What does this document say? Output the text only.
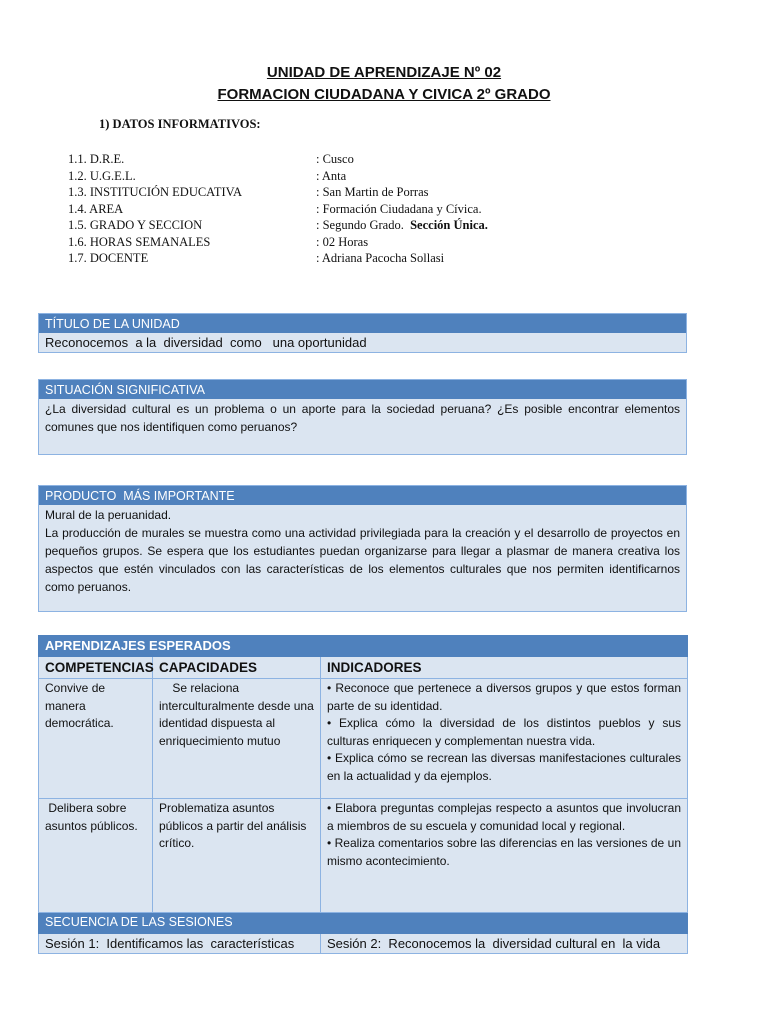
UNIDAD DE APRENDIZAJE Nº 02
FORMACION CIUDADANA Y CIVICA 2º GRADO
1) DATOS INFORMATIVOS:
1.1. D.R.E.	: Cusco
1.2. U.G.E.L.	: Anta
1.3. INSTITUCIÓN EDUCATIVA	: San Martin de Porras
1.4. AREA	: Formación Ciudadana y Cívica.
1.5. GRADO Y SECCION	: Segundo Grado.  Sección Única.
1.6. HORAS SEMANALES	: 02 Horas
1.7. DOCENTE	: Adriana Pacocha Sollasi
TÍTULO DE LA UNIDAD
Reconocemos  a la  diversidad  como   una oportunidad
SITUACIÓN SIGNIFICATIVA
¿La diversidad cultural es un problema o un aporte para la sociedad peruana? ¿Es posible encontrar elementos comunes que nos identifiquen como peruanos?
PRODUCTO  MÁS IMPORTANTE
Mural de la peruanidad.
La producción de murales se muestra como una actividad privilegiada para la creación y el desarrollo de proyectos en pequeños grupos. Se espera que los estudiantes puedan organizarse para llegar a plasmar de manera creativa los aspectos que estén vinculados con las características de los elementos culturales que nos permiten identificarnos como peruanos.
APRENDIZAJES ESPERADOS		
COMPETENCIAS	CAPACIDADES	INDICADORES
Convive de manera democrática.	Se relaciona interculturalmente desde una identidad dispuesta al enriquecimiento mutuo	• Reconoce que pertenece a diversos grupos y que estos forman parte de su identidad.

• Explica cómo la diversidad de los distintos pueblos y sus culturas enriquecen y complementan nuestra vida.

• Explica cómo se recrean las diversas manifestaciones culturales en la actualidad y da ejemplos.

Delibera sobre asuntos públicos.	Problematiza asuntos públicos a partir del análisis crítico.	• Elabora preguntas complejas respecto a asuntos que involucran a miembros de su escuela y comunidad local y regional.

• Realiza comentarios sobre las diferencias en las versiones de un mismo acontecimiento.

SECUENCIA DE LAS SESIONES		
Sesión 1:  Identificamos las  características		Sesión 2:  Reconocemos la  diversidad cultural en  la vida
